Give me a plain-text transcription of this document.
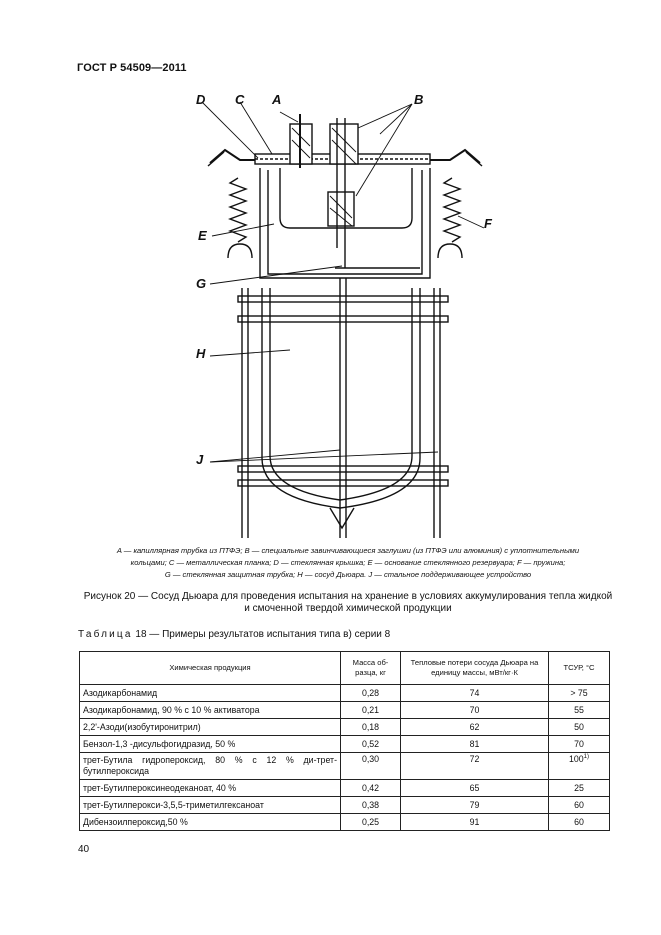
ГОСТ Р 54509—2011
D C A	B
E
F
G
H
J
A — капиллярная трубка из ПТФЭ; B — специальные завинчивающиеся заглушки (из ПТФЭ или алюминия) с уплотнительными
кольцами; C — металлическая планка; D — стеклянная крышка; E — основание стеклянного резервуара; F — пружина;
G — стеклянная защитная трубка; H — сосуд Дьюара. J — стальное поддерживающее устройство
Рисунок 20 — Сосуд Дьюара для проведения испытания на хранение в условиях аккумулирования тепла жидкой
и смоченной твердой химической продукции
Таблица 18 — Примеры результатов испытания типа в) серии 8
Химическая продукция	Масса об-разца, кг	Тепловые потери сосуда Дьюара на единицу массы, мВт/кг·К	ТСУР, °С
Азодикарбонамид	0,28	74	> 75
Азодикарбонамид, 90 % с 10 % активатора	0,21	70	55
2,2'-Азоди(изобутиронитрил)	0,18	62	50
Бензол-1,3 -дисульфогидразид, 50 %	0,52	81	70
трет-Бутила гидропероксид, 80 % с 12 % ди-трет-бутилпероксида	0,30	72	100$^{1)}$
трет-Бутилпероксинеодеканоат, 40 %	0,42	65	25
трет-Бутилперокси-3,5,5-триметилгексаноат	0,38	79	60
Дибензоилпероксид,50 %	0,25	91	60
40
